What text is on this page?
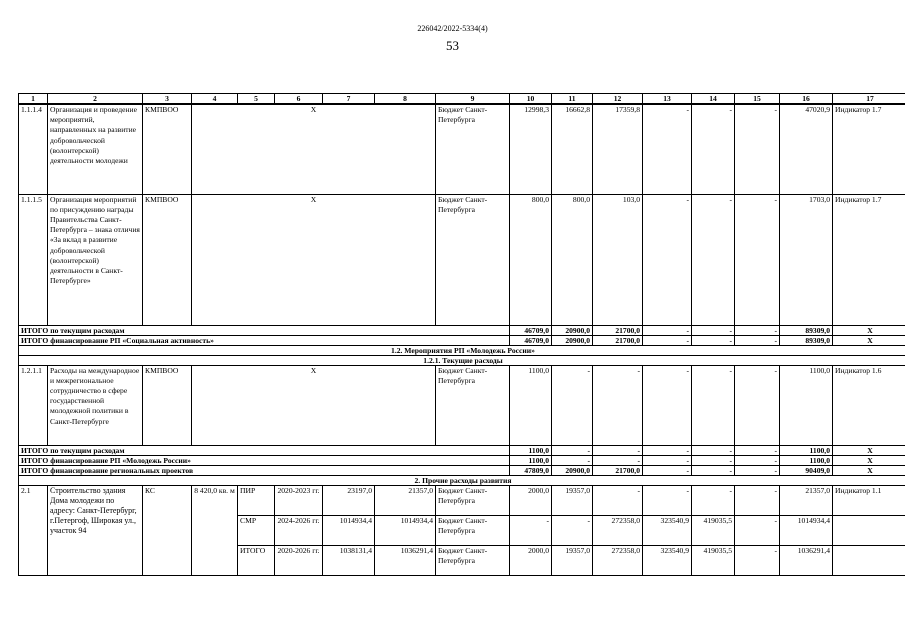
226042/2022-5334(4)
53
1	2	3	4	5	6	7	8	9	10	11	12	13	14	15	16	17
1.1.1.4	Организация и проведение мероприятий, направленных на развитие добровольческой (волонтерской) деятельности молодежи	КМПВОО	Х					Бюджет Санкт-Петербурга	12998,3	16662,8	17359,8	-	-	-	47020,9	Индикатор 1.7
1.1.1.5	Организация мероприятий по присуждению награды Правительства Санкт-Петербурга – знака отличия «За вклад в развитие добровольческой (волонтерской) деятельности в Санкт-Петербурге»	КМПВОО	Х					Бюджет Санкт-Петербурга	800,0	800,0	103,0	-	-	-	1703,0	Индикатор 1.7
ИТОГО по текущим расходам									46709,0	20900,0	21700,0	-	-	-	89309,0	Х
ИТОГО финансирование РП «Социальная активность»									46709,0	20900,0	21700,0	-	-	-	89309,0	Х
1.2. Мероприятия РП «Молодежь России»																
1.2.1. Текущие расходы																
1.2.1.1	Расходы на международное и межрегиональное сотрудничество в сфере государственной молодежной политики в Санкт-Петербурге	КМПВОО	Х					Бюджет Санкт-Петербурга	1100,0	-	-	-	-	-	1100,0	Индикатор 1.6
ИТОГО по текущим расходам									1100,0	-	-	-	-	-	1100,0	Х
ИТОГО финансирование РП «Молодежь России»									1100,0	-	-	-	-	-	1100,0	Х
ИТОГО финансирование региональных проектов									47809,0	20900,0	21700,0	-	-	-	90409,0	Х
2. Прочие расходы развития																
2.1	Строительство здания Дома молодежи по адресу: Санкт-Петербург, г.Петергоф, Широкая ул., участок 94	КС	8 420,0 кв. м	ПИР	2020-2023 гг.	23197,0	21357,0	Бюджет Санкт-Петербурга	2000,0	19357,0	-	-	-	-	21357,0	Индикатор 1.1
				СМР	2024-2026 гг.	1014934,4	1014934,4	Бюджет Санкт-Петербурга	-	-	272358,0	323540,9	419035,5	-	1014934,4	
				ИТОГО	2020-2026 гг.	1038131,4	1036291,4	Бюджет Санкт-Петербурга	2000,0	19357,0	272358,0	323540,9	419035,5	-	1036291,4	
